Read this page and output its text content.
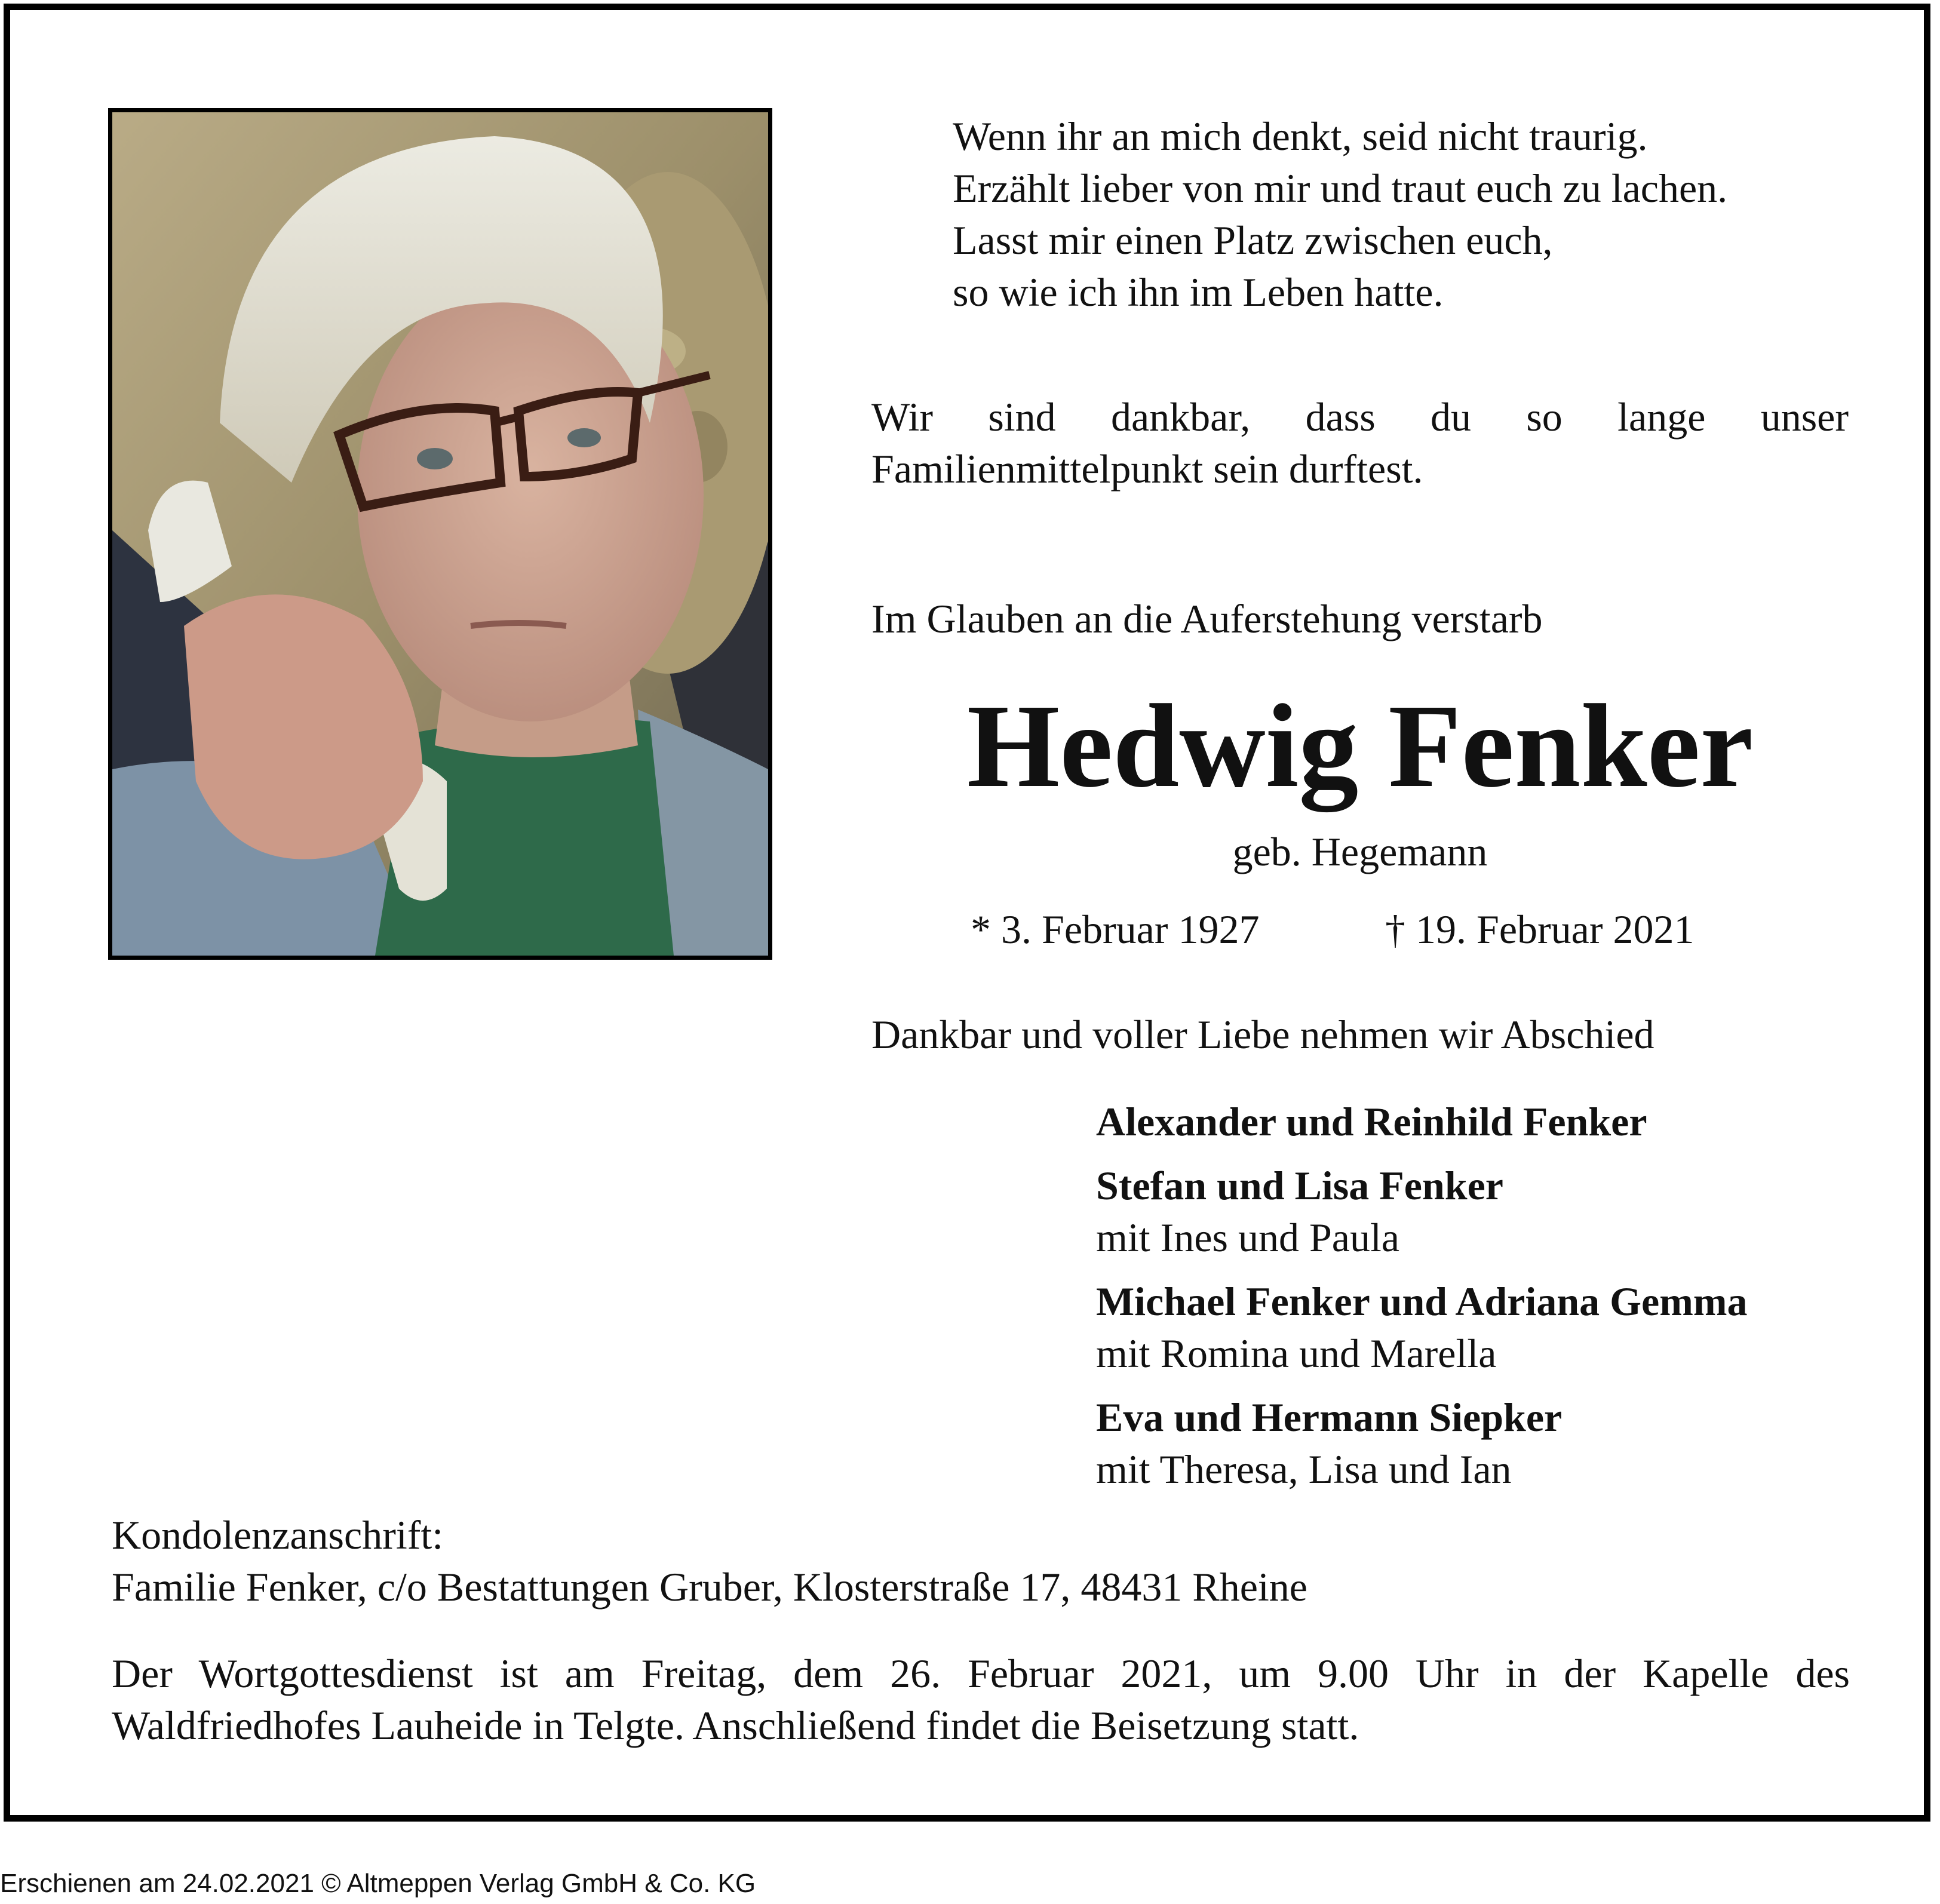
Wenn ihr an mich denkt, seid nicht traurig.
Erzählt lieber von mir und traut euch zu lachen.
Lasst mir einen Platz zwischen euch,
so wie ich ihn im Leben hatte.
Wir sind dankbar, dass du so lange unser
Familienmittelpunkt sein durftest.
Im Glauben an die Auferstehung verstarb
Hedwig Fenker
geb. Hegemann
* 3. Februar 1927	† 19. Februar 2021
Dankbar und voller Liebe nehmen wir Abschied
Alexander und Reinhild Fenker
Stefan und Lisa Fenker
mit Ines und Paula
Michael Fenker und Adriana Gemma
mit Romina und Marella
Eva und Hermann Siepker
mit Theresa, Lisa und Ian
Kondolenzanschrift:
Familie Fenker, c/o Bestattungen Gruber, Klosterstraße 17, 48431 Rheine
Der Wortgottesdienst ist am Freitag, dem 26. Februar 2021, um 9.00 Uhr in der Kapelle des
Waldfriedhofes Lauheide in Telgte. Anschließend findet die Beisetzung statt.
Erschienen am 24.02.2021 © Altmeppen Verlag GmbH & Co. KG
